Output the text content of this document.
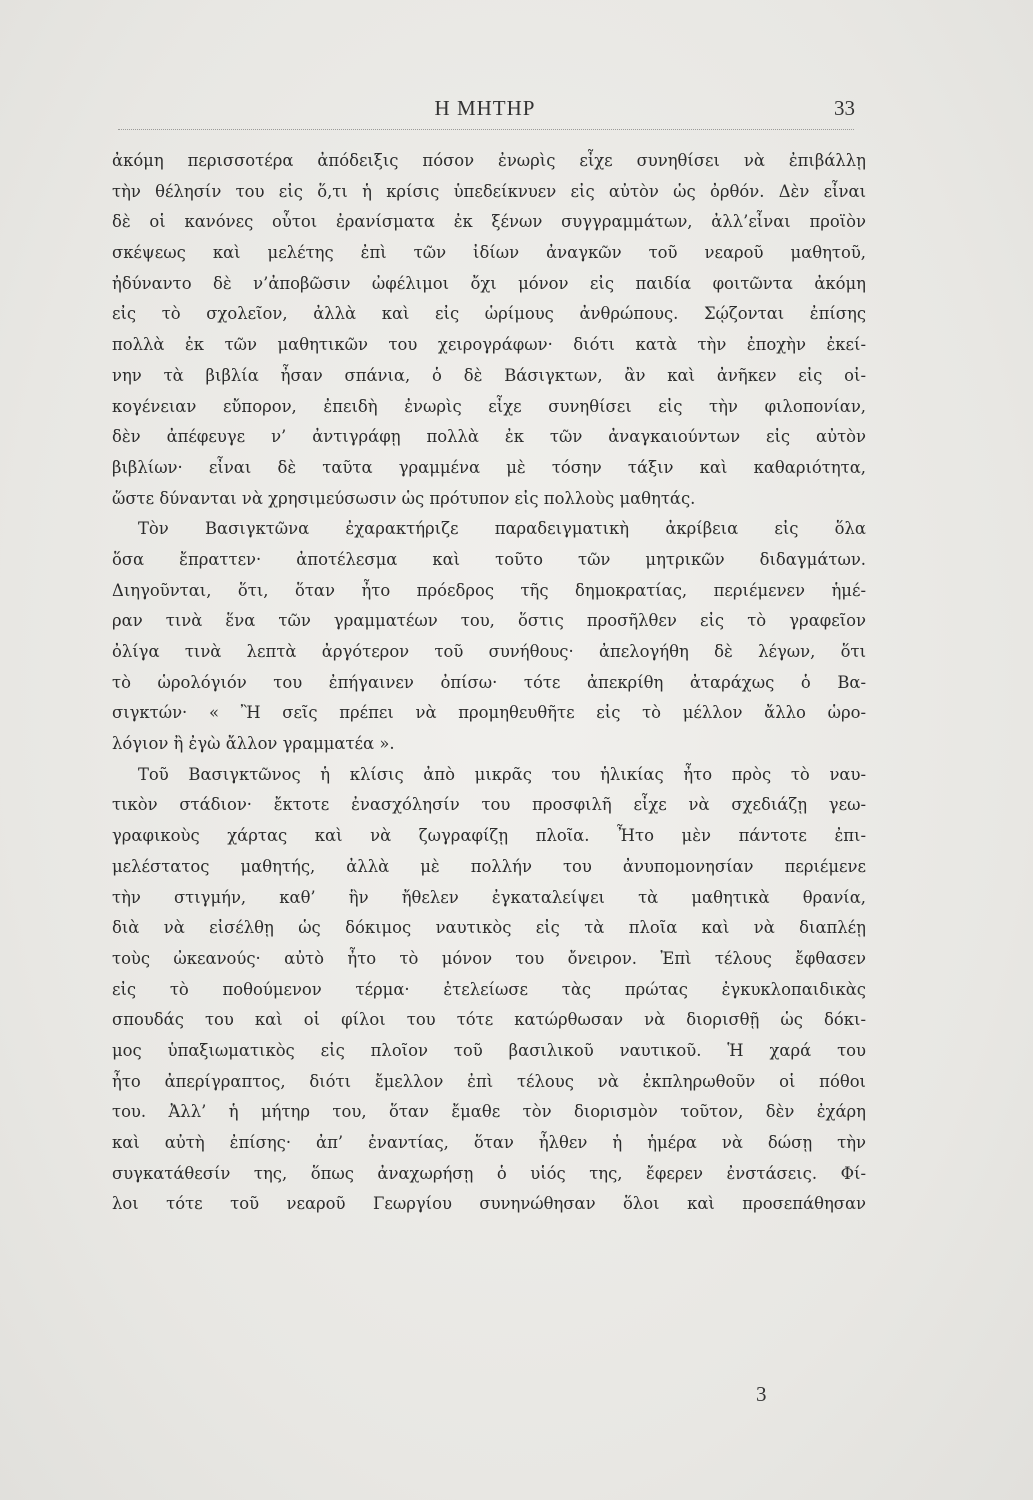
Η ΜΗΤΗΡ	33
ἀκόμη περισσοτέρα ἀπόδειξις πόσον ἐνωρὶς εἶχε συνηθίσει νὰ ἐπιβάλλῃ
τὴν θέλησίν του εἰς ὅ,τι ἡ κρίσις ὑπεδείκνυεν εἰς αὐτὸν ὡς ὀρθόν. Δὲν εἶναι
δὲ οἱ κανόνες οὗτοι ἐρανίσματα ἐκ ξένων συγγραμμάτων, ἀλλ’εἶναι προϊὸν
σκέψεως καὶ μελέτης ἐπὶ τῶν ἰδίων ἀναγκῶν τοῦ νεαροῦ μαθητοῦ,
ἠδύναντο δὲ ν’ἀποβῶσιν ὠφέλιμοι ὄχι μόνον εἰς παιδία φοιτῶντα ἀκόμη
εἰς τὸ σχολεῖον, ἀλλὰ καὶ εἰς ὡρίμους ἀνθρώπους. Σῴζονται ἐπίσης
πολλὰ ἐκ τῶν μαθητικῶν του χειρογράφων· διότι κατὰ τὴν ἐποχὴν ἐκεί-
νην τὰ βιβλία ἦσαν σπάνια, ὁ δὲ Βάσιγκτων, ἂν καὶ ἀνῆκεν εἰς οἰ-
κογένειαν εὔπορον, ἐπειδὴ ἐνωρὶς εἶχε συνηθίσει εἰς τὴν φιλοπονίαν,
δὲν ἀπέφευγε ν’ ἀντιγράφῃ πολλὰ ἐκ τῶν ἀναγκαιούντων εἰς αὐτὸν
βιβλίων· εἶναι δὲ ταῦτα γραμμένα μὲ τόσην τάξιν καὶ καθαριότητα,
ὥστε δύνανται νὰ χρησιμεύσωσιν ὡς πρότυπον εἰς πολλοὺς μαθητάς.
Τὸν Βασιγκτῶνα ἐχαρακτήριζε παραδειγματικὴ ἀκρίβεια εἰς ὅλα
ὅσα ἔπραττεν· ἀποτέλεσμα καὶ τοῦτο τῶν μητρικῶν διδαγμάτων.
Διηγοῦνται, ὅτι, ὅταν ἦτο πρόεδρος τῆς δημοκρατίας, περιέμενεν ἡμέ-
ραν τινὰ ἕνα τῶν γραμματέων του, ὅστις προσῆλθεν εἰς τὸ γραφεῖον
ὀλίγα τινὰ λεπτὰ ἀργότερον τοῦ συνήθους· ἀπελογήθη δὲ λέγων, ὅτι
τὸ ὡρολόγιόν του ἐπήγαινεν ὀπίσω· τότε ἀπεκρίθη ἀταράχως ὁ Βα-
σιγκτών· « Ἢ σεῖς πρέπει νὰ προμηθευθῆτε εἰς τὸ μέλλον ἄλλο ὡρο-
λόγιον ἢ ἐγὼ ἄλλον γραμματέα ».
Τοῦ Βασιγκτῶνος ἡ κλίσις ἀπὸ μικρᾶς του ἡλικίας ἦτο πρὸς τὸ ναυ-
τικὸν στάδιον· ἔκτοτε ἐνασχόλησίν του προσφιλῆ εἶχε νὰ σχεδιάζῃ γεω-
γραφικοὺς χάρτας καὶ νὰ ζωγραφίζῃ πλοῖα. Ἦτο μὲν πάντοτε ἐπι-
μελέστατος μαθητής, ἀλλὰ μὲ πολλήν του ἀνυπομονησίαν περιέμενε
τὴν στιγμήν, καθ’ ἣν ἤθελεν ἐγκαταλείψει τὰ μαθητικὰ θρανία,
διὰ νὰ εἰσέλθῃ ὡς δόκιμος ναυτικὸς εἰς τὰ πλοῖα καὶ νὰ διαπλέῃ
τοὺς ὠκεανούς· αὐτὸ ἦτο τὸ μόνον του ὄνειρον. Ἐπὶ τέλους ἔφθασεν
εἰς τὸ ποθούμενον τέρμα· ἐτελείωσε τὰς πρώτας ἐγκυκλοπαιδικὰς
σπουδάς του καὶ οἱ φίλοι του τότε κατώρθωσαν νὰ διορισθῇ ὡς δόκι-
μος ὑπαξιωματικὸς εἰς πλοῖον τοῦ βασιλικοῦ ναυτικοῦ. Ἡ χαρά του
ἦτο ἀπερίγραπτος, διότι ἔμελλον ἐπὶ τέλους νὰ ἐκπληρωθοῦν οἱ πόθοι
του. Ἀλλ’ ἡ μήτηρ του, ὅταν ἔμαθε τὸν διορισμὸν τοῦτον, δὲν ἐχάρη
καὶ αὐτὴ ἐπίσης· ἀπ’ ἐναντίας, ὅταν ἦλθεν ἡ ἡμέρα νὰ δώσῃ τὴν
συγκατάθεσίν της, ὅπως ἀναχωρήσῃ ὁ υἱός της, ἔφερεν ἐνστάσεις. Φί-
λοι τότε τοῦ νεαροῦ Γεωργίου συνηνώθησαν ὅλοι καὶ προσεπάθησαν
3
